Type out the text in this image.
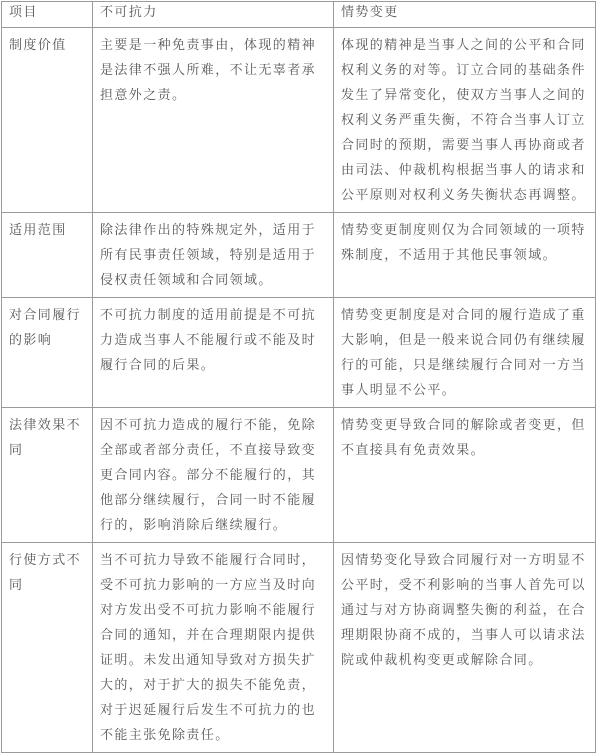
项目	不可抗力	情势变更
制度价值	主要是一种免责事由，体现的精神是法律不强人所难，不让无辜者承担意外之责。	体现的精神是当事人之间的公平和合同权利义务的对等。订立合同的基础条件发生了异常变化，使双方当事人之间的权利义务严重失衡，不符合当事人订立合同时的预期，需要当事人再协商或者由司法、仲裁机构根据当事人的请求和公平原则对权利义务失衡状态再调整。
适用范围	除法律作出的特殊规定外，适用于所有民事责任领域，特别是适用于侵权责任领域和合同领域。	情势变更制度则仅为合同领域的一项特殊制度，不适用于其他民事领域。
对合同履行的影响	不可抗力制度的适用前提是不可抗力造成当事人不能履行或不能及时履行合同的后果。	情势变更制度是对合同的履行造成了重大影响，但是一般来说合同仍有继续履行的可能，只是继续履行合同对一方当事人明显不公平。
法律效果不同	因不可抗力造成的履行不能，免除全部或者部分责任，不直接导致变更合同内容。部分不能履行的，其他部分继续履行，合同一时不能履行的，影响消除后继续履行。	情势变更导致合同的解除或者变更，但不直接具有免责效果。
行使方式不同	当不可抗力导致不能履行合同时，受不可抗力影响的一方应当及时向对方发出受不可抗力影响不能履行合同的通知，并在合理期限内提供证明。未发出通知导致对方损失扩大的，对于扩大的损失不能免责，对于迟延履行后发生不可抗力的也不能主张免除责任。	因情势变化导致合同履行对一方明显不公平时，受不利影响的当事人首先可以通过与对方协商调整失衡的利益，在合理期限协商不成的，当事人可以请求法院或仲裁机构变更或解除合同。
